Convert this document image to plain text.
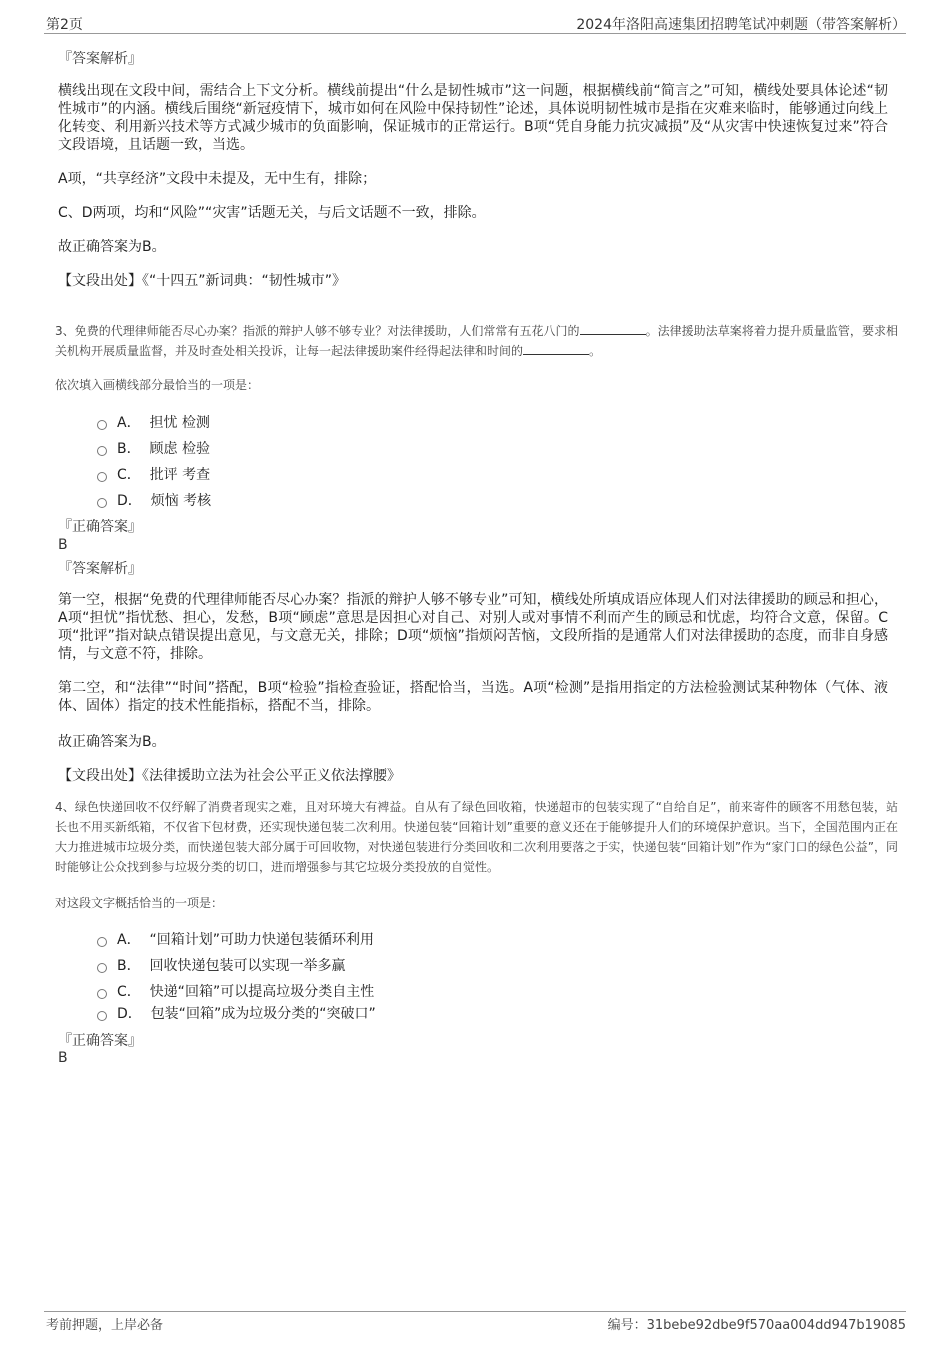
第2页	2024年洛阳高速集团招聘笔试冲刺题（带答案解析）
『答案解析』
横线出现在文段中间，需结合上下文分析。横线前提出“什么是韧性城市”这一问题，根据横线前“简言之”可知，横线处要具体论述“韧性城市”的内涵。横线后围绕“新冠疫情下，城市如何在风险中保持韧性”论述，具体说明韧性城市是指在灾难来临时，能够通过向线上化转变、利用新兴技术等方式减少城市的负面影响，保证城市的正常运行。B项“凭自身能力抗灾减损”及“从灾害中快速恢复过来”符合文段语境，且话题一致，当选。
A项，“共享经济”文段中未提及，无中生有，排除；
C、D两项，均和“风险”“灾害”话题无关，与后文话题不一致，排除。
故正确答案为B。
【文段出处】《“十四五”新词典：“韧性城市”》
3、免费的代理律师能否尽心办案？指派的辩护人够不够专业？对法律援助，人们常常有五花八门的	。法律援助法草案将着力提升质量监管，要求相关机构开展质量监督，并及时查处相关投诉，让每一起法律援助案件经得起法律和时间的	。
依次填入画横线部分最恰当的一项是：
A． 担忧 检测
B． 顾虑 检验
C． 批评 考查
D． 烦恼 考核
『正确答案』
B
『答案解析』
第一空，根据“免费的代理律师能否尽心办案？指派的辩护人够不够专业”可知，横线处所填成语应体现人们对法律援助的顾忌和担心，A项“担忧”指忧愁、担心，发愁，B项“顾虑”意思是因担心对自己、对别人或对事情不利而产生的顾忌和忧虑，均符合文意，保留。C项“批评”指对缺点错误提出意见，与文意无关，排除；D项“烦恼”指烦闷苦恼，文段所指的是通常人们对法律援助的态度，而非自身感情，与文意不符，排除。
第二空，和“法律”“时间”搭配，B项“检验”指检查验证，搭配恰当，当选。A项“检测”是指用指定的方法检验测试某种物体（气体、液体、固体）指定的技术性能指标，搭配不当，排除。
故正确答案为B。
【文段出处】《法律援助立法为社会公平正义依法撑腰》
4、绿色快递回收不仅纾解了消费者现实之难，且对环境大有裨益。自从有了绿色回收箱，快递超市的包装实现了“自给自足”，前来寄件的顾客不用愁包装，站长也不用买新纸箱，不仅省下包材费，还实现快递包装二次利用。快递包装“回箱计划”重要的意义还在于能够提升人们的环境保护意识。当下，全国范围内正在大力推进城市垃圾分类，而快递包装大部分属于可回收物，对快递包装进行分类回收和二次利用要落之于实，快递包装“回箱计划”作为“家门口的绿色公益”，同时能够让公众找到参与垃圾分类的切口，进而增强参与其它垃圾分类投放的自觉性。
对这段文字概括恰当的一项是：
A． “回箱计划”可助力快递包装循环利用
B． 回收快递包装可以实现一举多赢
C． 快递“回箱”可以提高垃圾分类自主性
D． 包装“回箱”成为垃圾分类的“突破口”
『正确答案』
B
考前押题，上岸必备	编号：31bebe92dbe9f570aa004dd947b19085
